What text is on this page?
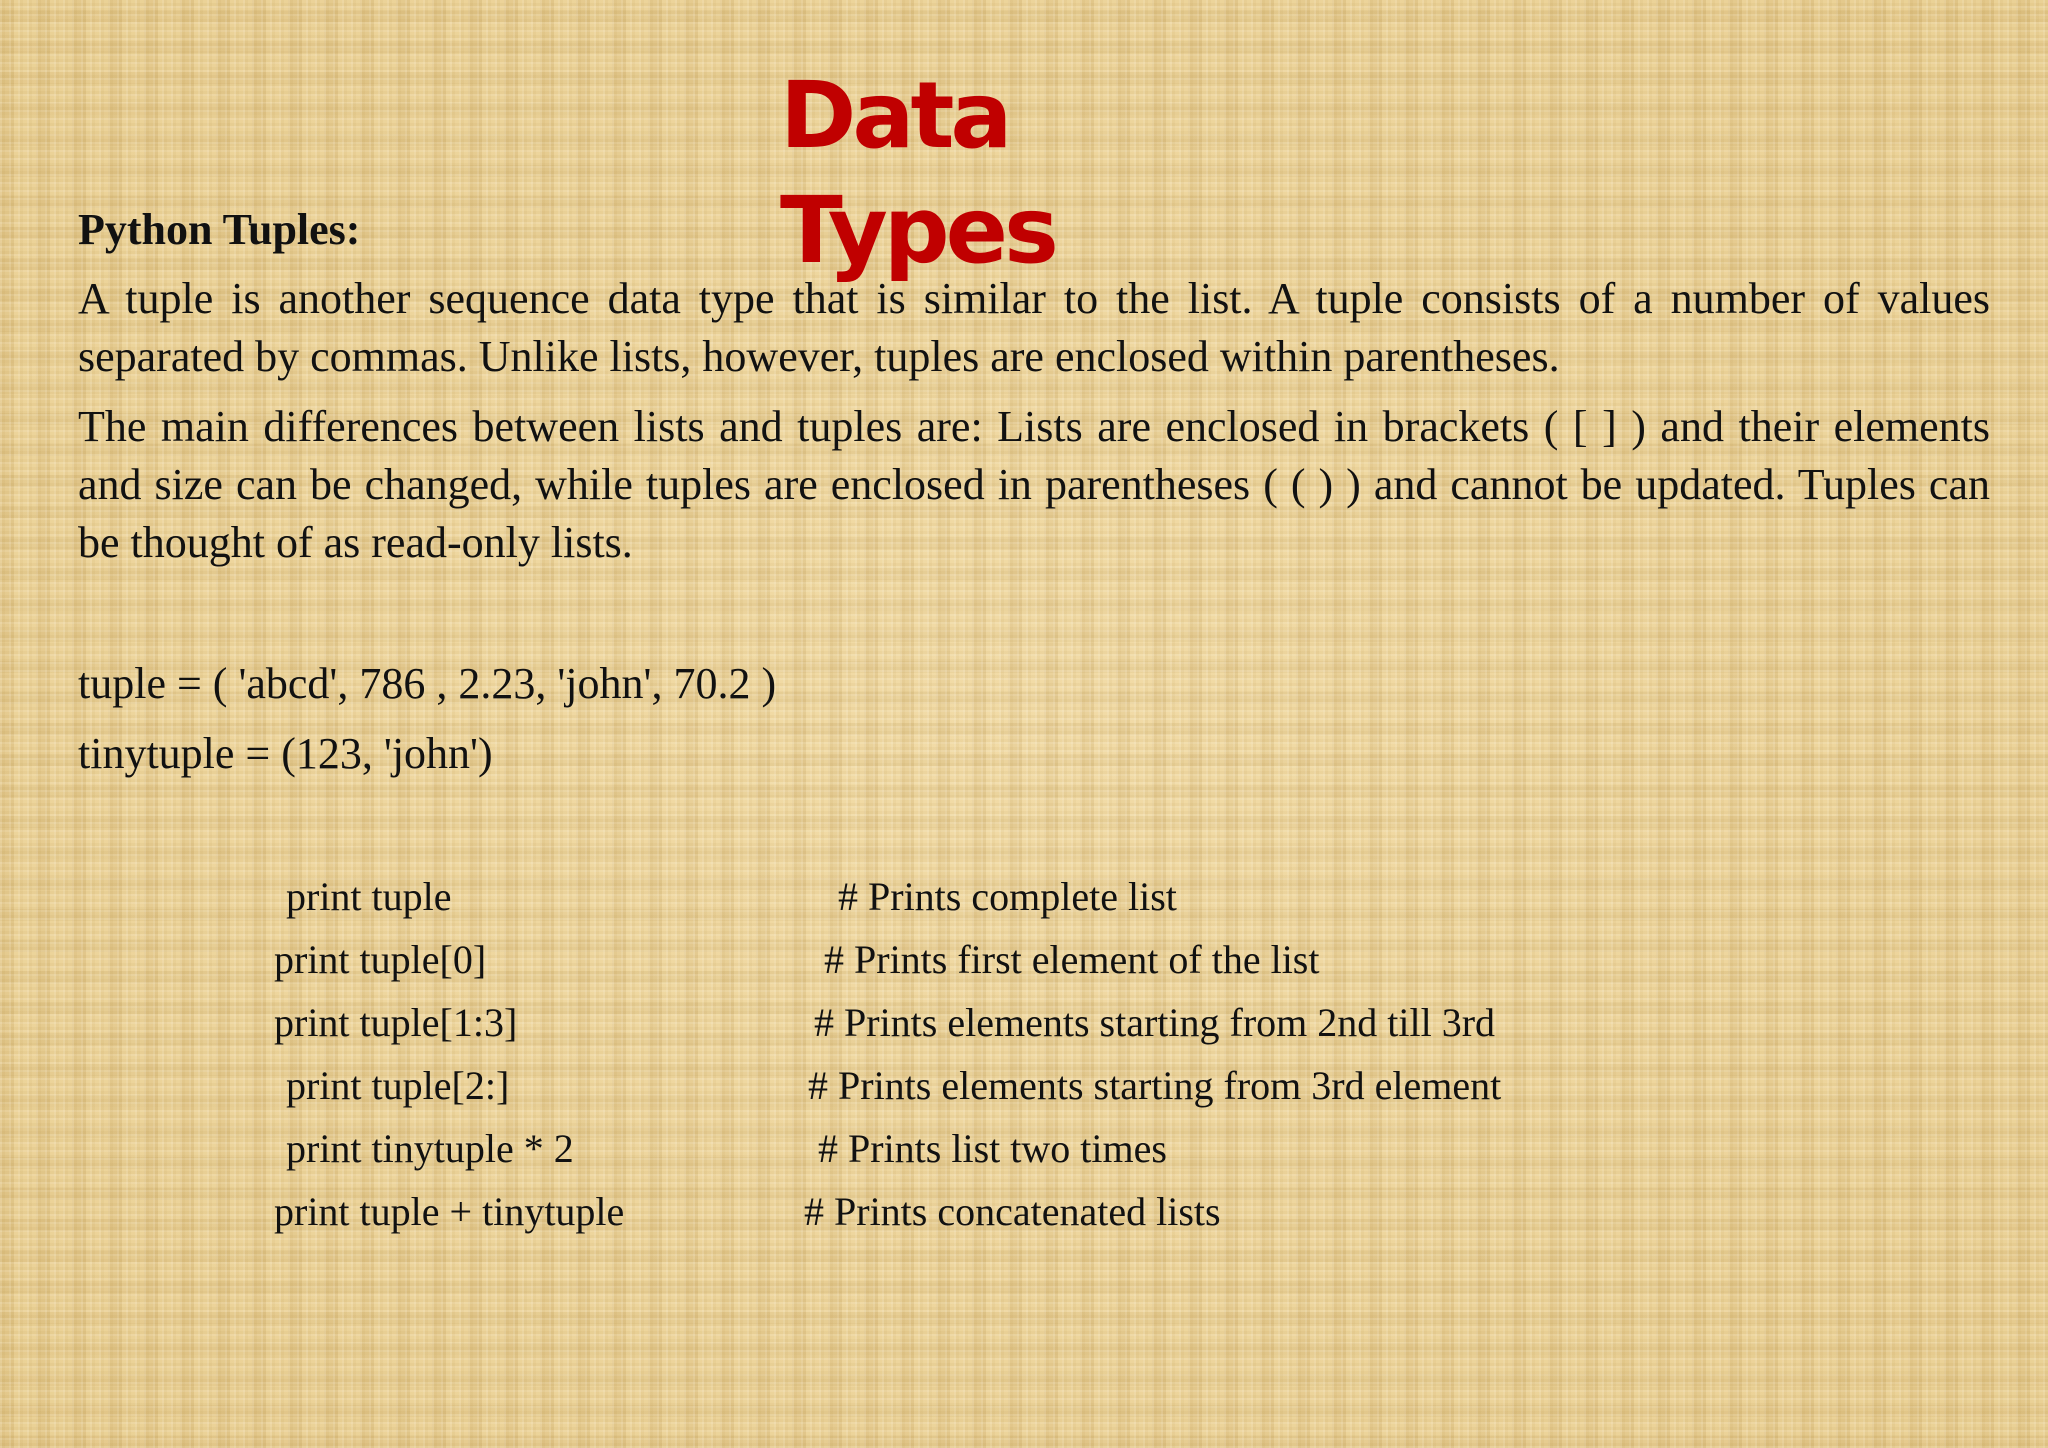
Data
Types
Python Tuples:

A tuple is another sequence data type that is similar to the list. A tuple consists of a number of values separated by commas. Unlike lists, however, tuples are enclosed within parentheses.

The main differences between lists and tuples are: Lists are enclosed in brackets ( [ ] ) and their elements and size can be changed, while tuples are enclosed in parentheses ( ( ) ) and cannot be updated. Tuples can be thought of as read-only lists.

tuple = ( 'abcd', 786 , 2.23, 'john', 70.2 )
tinytuple = (123, 'john')
print tuple	# Prints complete list
print tuple[0]	# Prints first element of the list
print tuple[1:3]	# Prints elements starting from 2nd till 3rd
print tuple[2:]	# Prints elements starting from 3rd element
print tinytuple * 2	# Prints list two times
print tuple + tinytuple	# Prints concatenated lists
